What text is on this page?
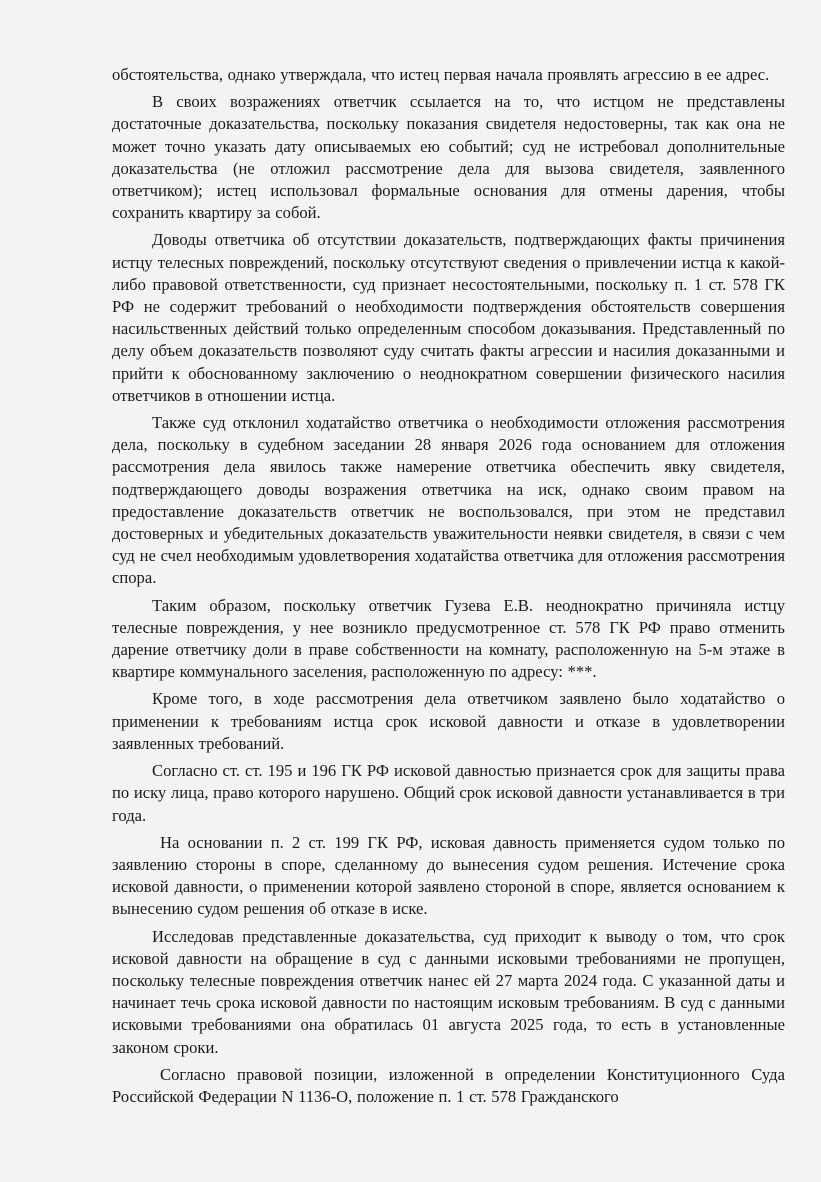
обстоятельства, однако утверждала, что истец первая начала проявлять агрессию в ее адрес.

В своих возражениях ответчик ссылается на то, что истцом не представлены достаточные доказательства, поскольку показания свидетеля недостоверны, так как она не может точно указать дату описываемых ею событий; суд не истребовал дополнительные доказательства (не отложил рассмотрение дела для вызова свидетеля, заявленного ответчиком); истец использовал формальные основания для отмены дарения, чтобы сохранить квартиру за собой.

Доводы ответчика об отсутствии доказательств, подтверждающих факты причинения истцу телесных повреждений, поскольку отсутствуют сведения о привлечении истца к какой-либо правовой ответственности, суд признает несостоятельными, поскольку п. 1 ст. 578 ГК РФ не содержит требований о необходимости подтверждения обстоятельств совершения насильственных действий только определенным способом доказывания. Представленный по делу объем доказательств позволяют суду считать факты агрессии и насилия доказанными и прийти к обоснованному заключению о неоднократном совершении физического насилия ответчиков в отношении истца.

Также суд отклонил ходатайство ответчика о необходимости отложения рассмотрения дела, поскольку в судебном заседании 28 января 2026 года основанием для отложения рассмотрения дела явилось также намерение ответчика обеспечить явку свидетеля, подтверждающего доводы возражения ответчика на иск, однако своим правом на предоставление доказательств ответчик не воспользовался, при этом не представил достоверных и убедительных доказательств уважительности неявки свидетеля, в связи с чем суд не счел необходимым удовлетворения ходатайства ответчика для отложения рассмотрения спора.

Таким образом, поскольку ответчик Гузева Е.В. неоднократно причиняла истцу телесные повреждения, у нее возникло предусмотренное ст. 578 ГК РФ право отменить дарение ответчику доли в праве собственности на комнату, расположенную на 5-м этаже в квартире коммунального заселения, расположенную по адресу: ***.

Кроме того, в ходе рассмотрения дела ответчиком заявлено было ходатайство о применении к требованиям истца срок исковой давности и отказе в удовлетворении заявленных требований.

Согласно ст. ст. 195 и 196 ГК РФ исковой давностью признается срок для защиты права по иску лица, право которого нарушено. Общий срок исковой давности устанавливается в три года.

На основании п. 2 ст. 199 ГК РФ, исковая давность применяется судом только по заявлению стороны в споре, сделанному до вынесения судом решения. Истечение срока исковой давности, о применении которой заявлено стороной в споре, является основанием к вынесению судом решения об отказе в иске.

Исследовав представленные доказательства, суд приходит к выводу о том, что срок исковой давности на обращение в суд с данными исковыми требованиями не пропущен, поскольку телесные повреждения ответчик нанес ей 27 марта 2024 года. С указанной даты и начинает течь срока исковой давности по настоящим исковым требованиям. В суд с данными исковыми требованиями она обратилась 01 августа 2025 года, то есть в установленные законом сроки.

Согласно правовой позиции, изложенной в определении Конституционного Суда Российской Федерации N 1136-О, положение п. 1 ст. 578 Гражданского
